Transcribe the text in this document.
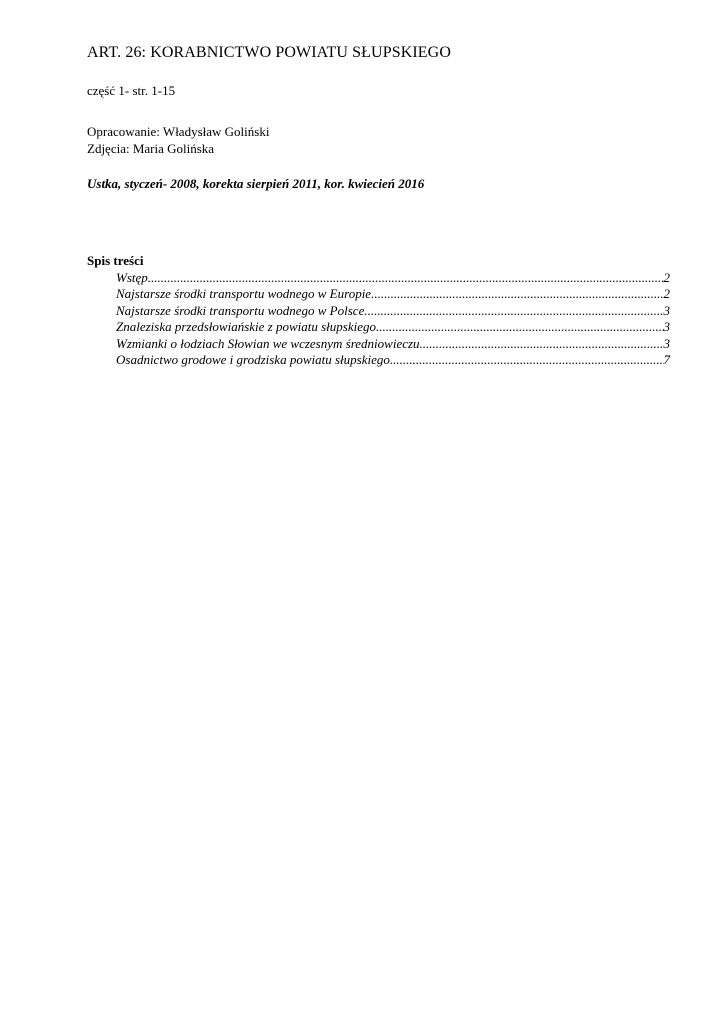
ART. 26: KORABNICTWO POWIATU SŁUPSKIEGO
część 1- str. 1-15
Opracowanie: Władysław Goliński
Zdjęcia: Maria Golińska
Ustka, styczeń- 2008, korekta sierpień 2011, kor. kwiecień 2016
Spis treści
Wstęp .....	2
Najstarsze środki transportu wodnego w Europie .....	2
Najstarsze środki transportu wodnego w Polsce .....	3
Znaleziska przedsłowiańskie z powiatu słupskiego .....	3
Wzmianki o łodziach Słowian we wczesnym średniowieczu .....	3
Osadnictwo grodowe i grodziska powiatu słupskiego .....	7
